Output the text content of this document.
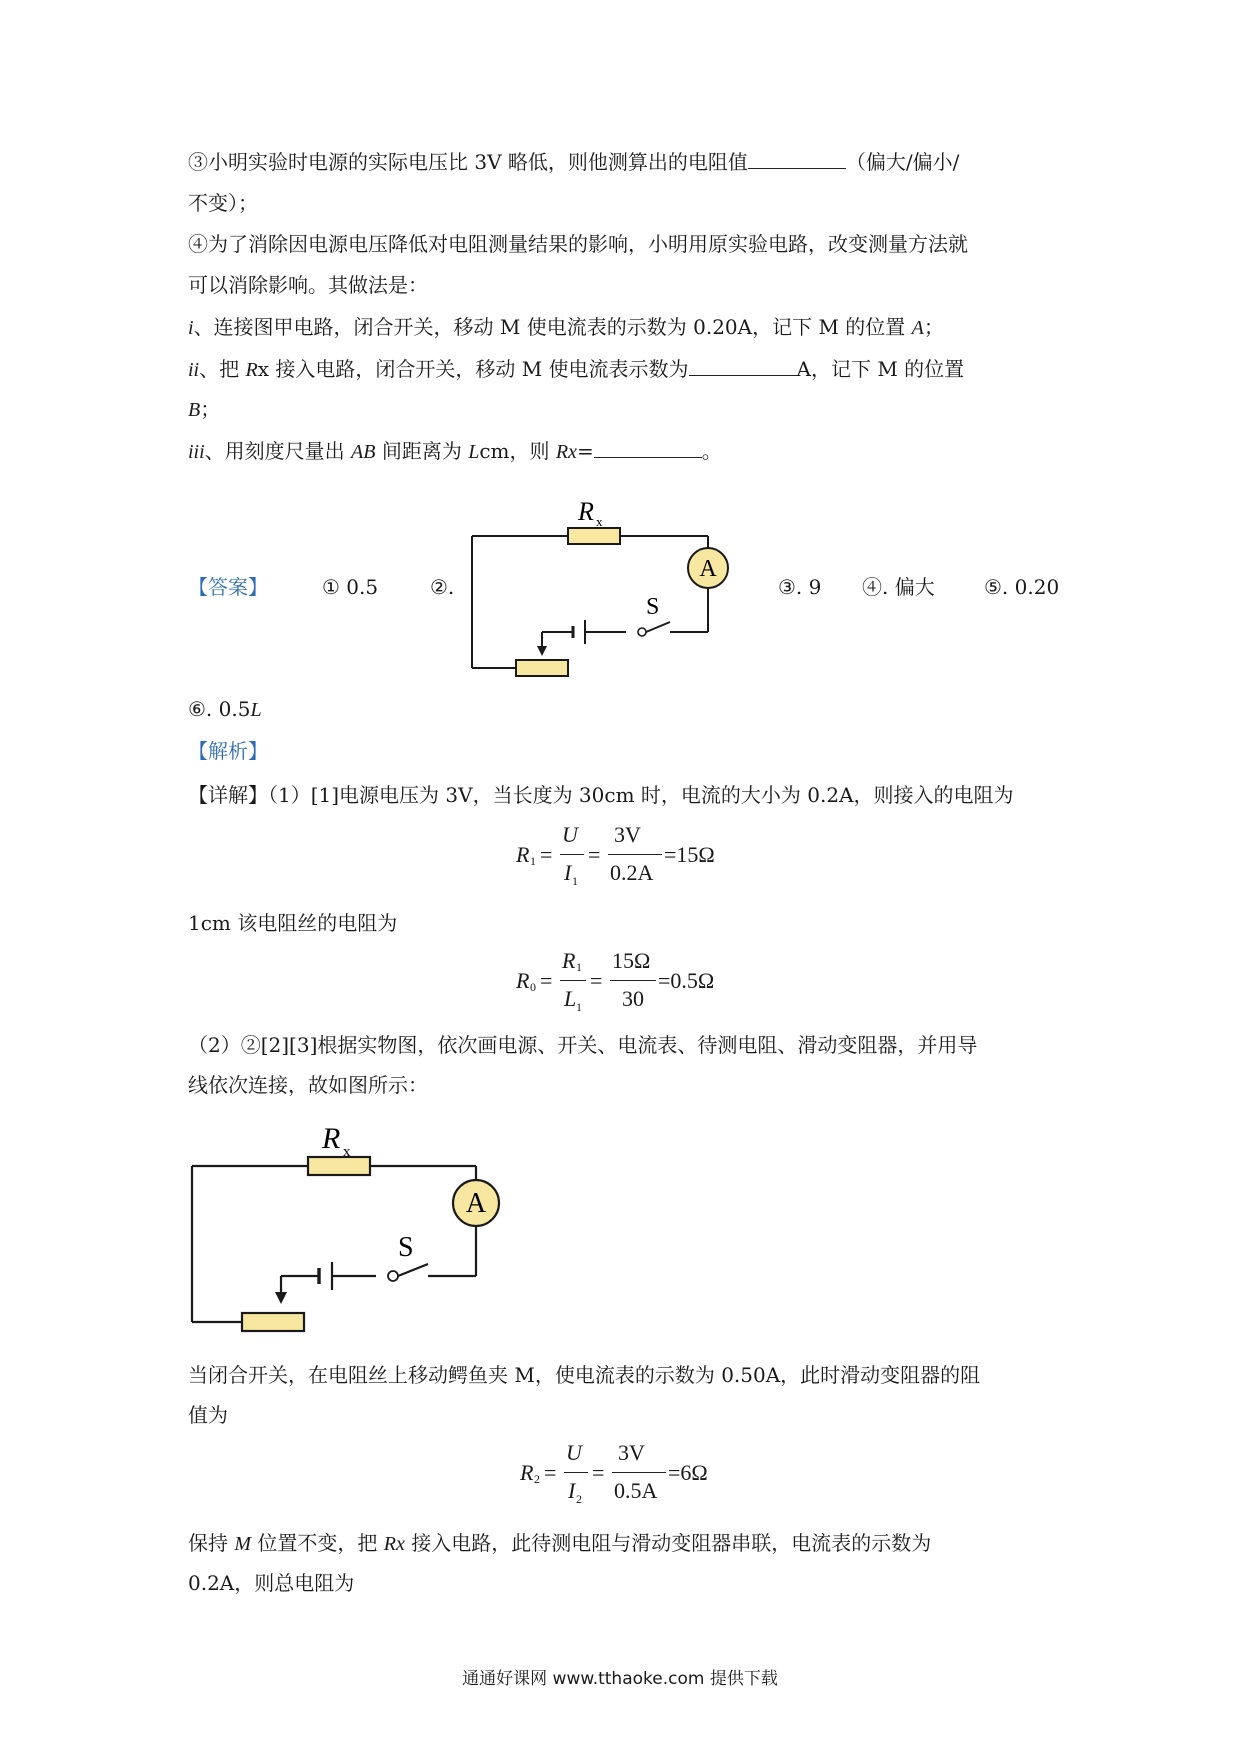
③小明实验时电源的实际电压比 3V 略低，则他测算出的电阻值	（偏大/偏小/
不变）；
④为了消除因电源电压降低对电阻测量结果的影响，小明用原实验电路，改变测量方法就
可以消除影响。其做法是：
i、连接图甲电路，闭合开关，移动 M 使电流表的示数为 0.20A，记下 M 的位置 A；
ii、把 Rx 接入电路，闭合开关，移动 M 使电流表示数为	A，记下 M 的位置
B；
iii、用刻度尺量出 AB 间距离为 Lcm，则 Rx=	。
【答案】	① 0.5	②.	③. 9 ④. 偏大 ⑤. 0.20
A
R x
S
⑥. 0.5L
【解析】
【详解】（1）[1]电源电压为 3V，当长度为 30cm 时，电流的大小为 0.2A，则接入的电阻为
R 1 =
U
I 1
=
3V
0.2A
=15Ω
1cm 该电阻丝的电阻为
R 0 =
R 1
L 1
=
15Ω
30
=0.5Ω
（2）②[2][3]根据实物图，依次画电源、开关、电流表、待测电阻、滑动变阻器，并用导
线依次连接，故如图所示：
A
R x
S
当闭合开关，在电阻丝上移动鳄鱼夹 M，使电流表的示数为 0.50A，此时滑动变阻器的阻
值为
R 2 =
U
I 2
=
3V
0.5A
=6Ω
保持 M 位置不变，把 Rx 接入电路，此待测电阻与滑动变阻器串联，电流表的示数为
0.2A，则总电阻为
通通好课网 www.tthaoke.com 提供下载
